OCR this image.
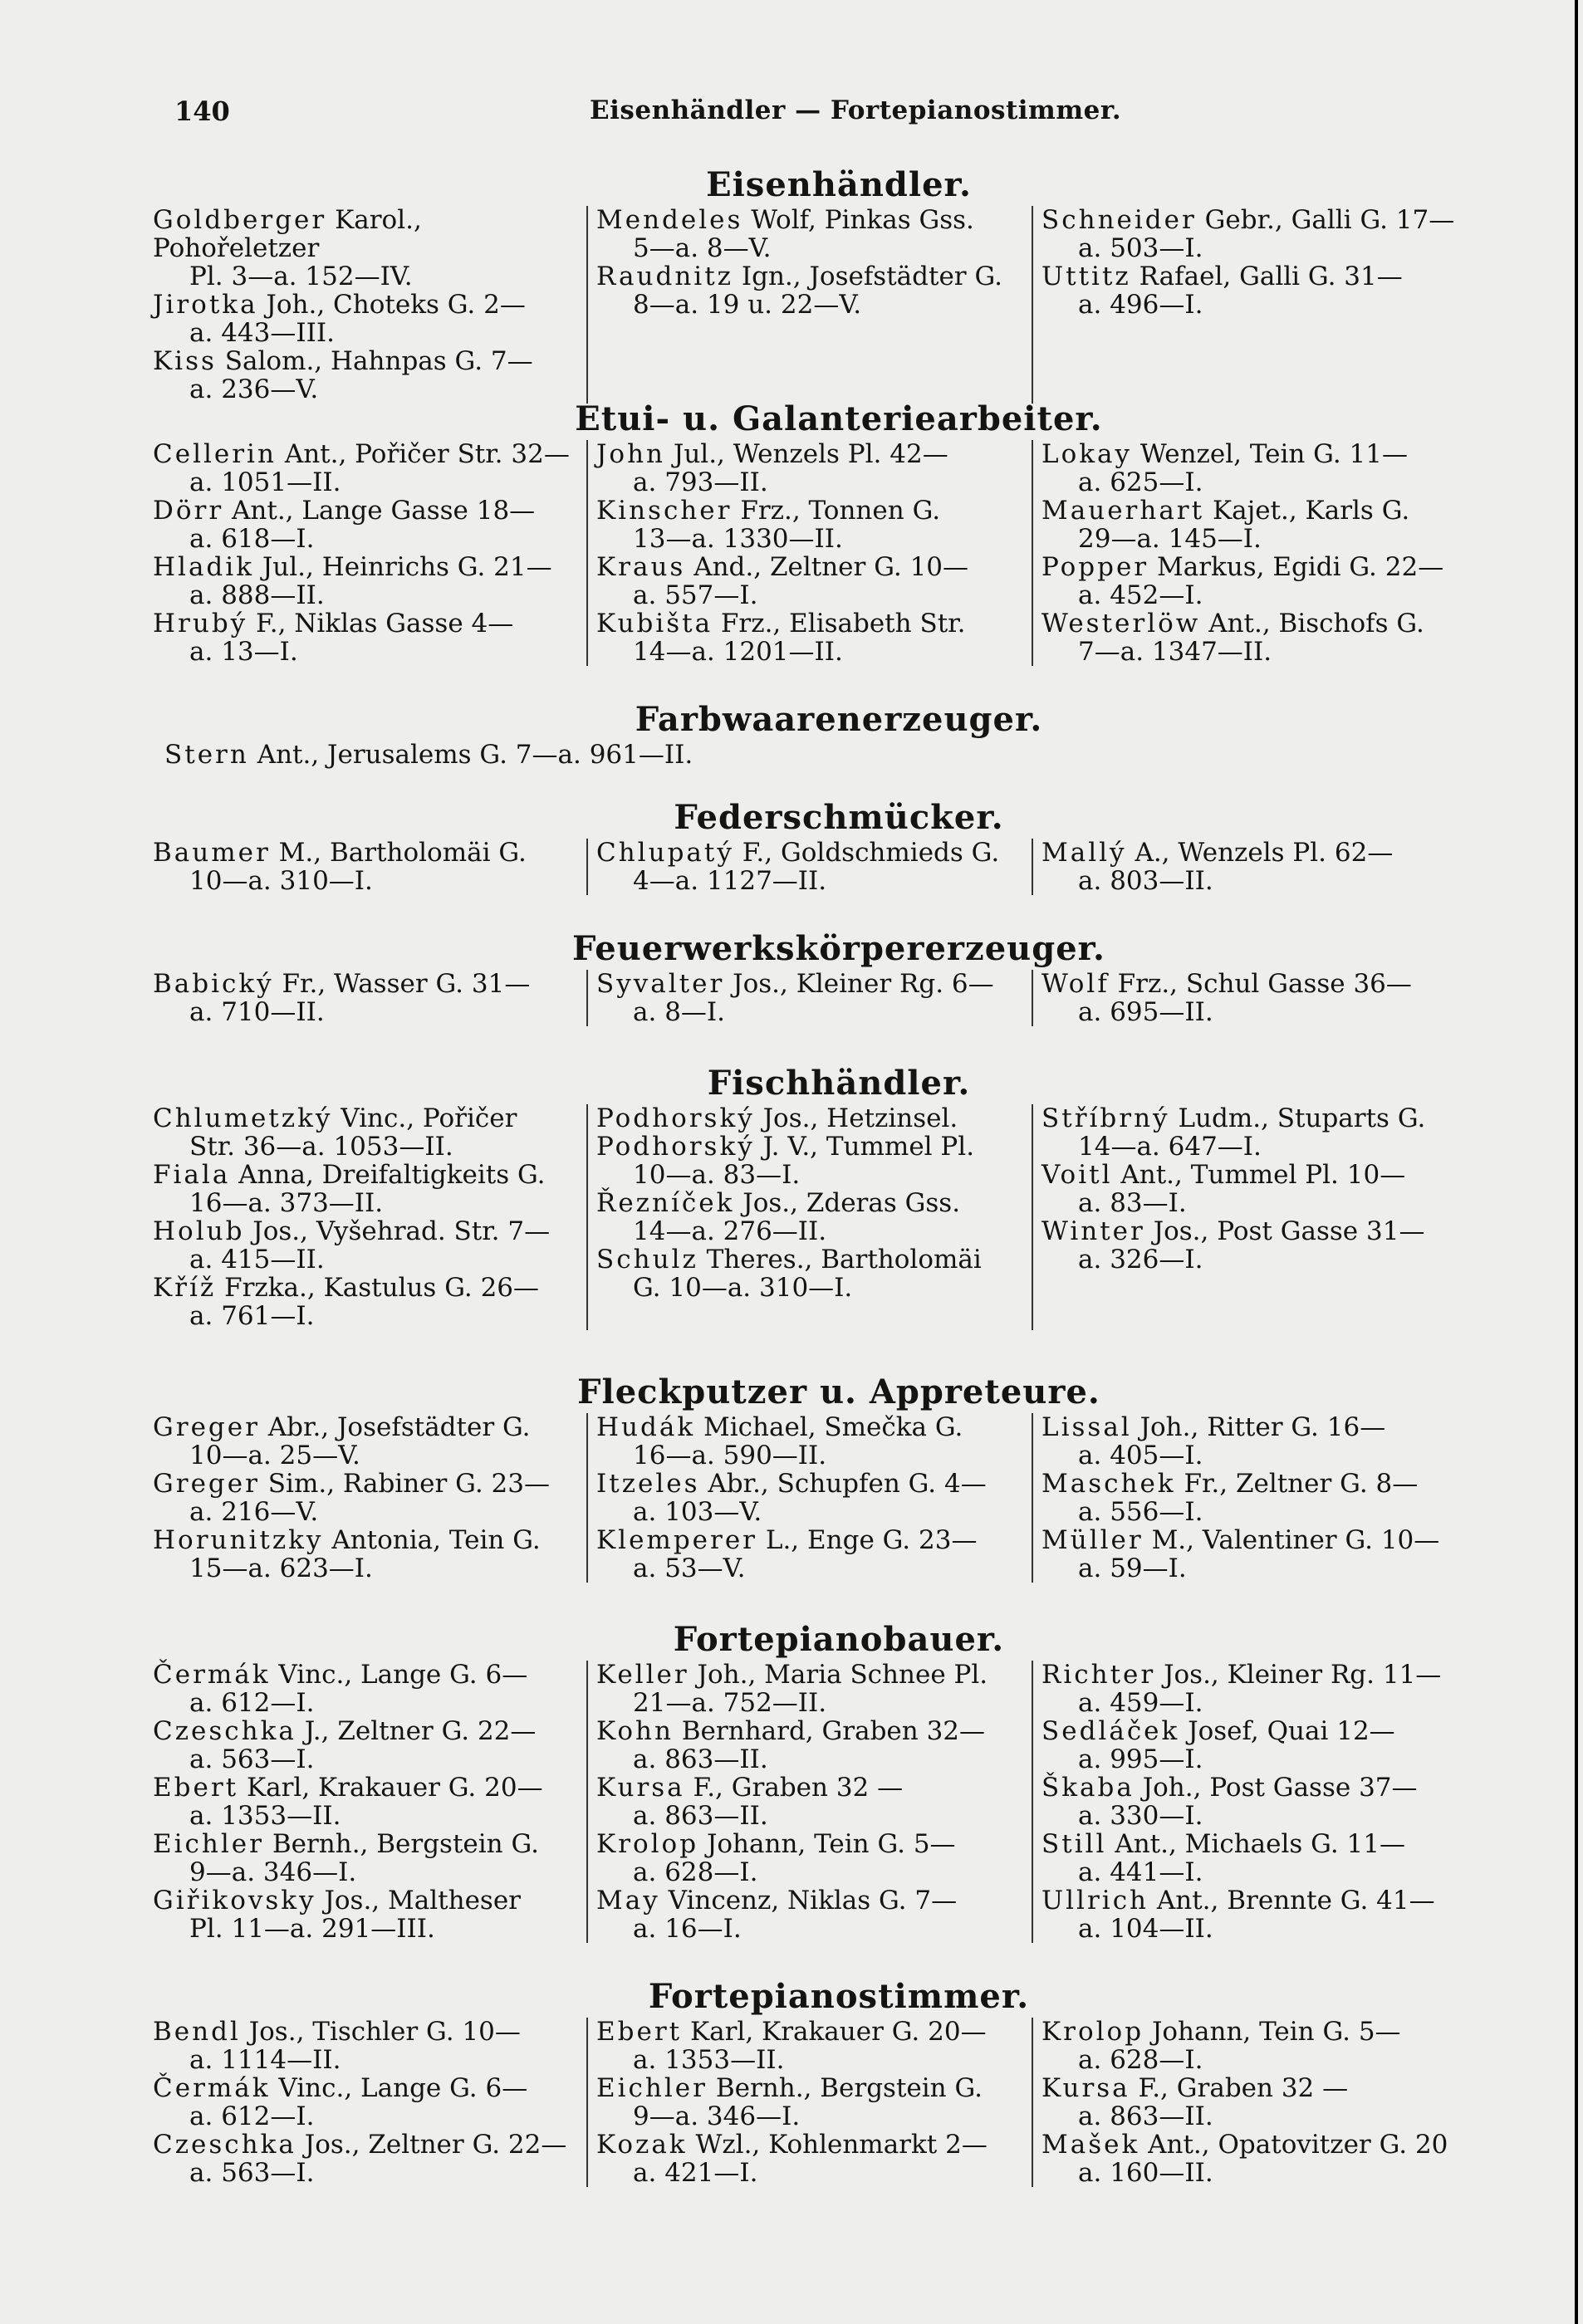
140	Eisenhändler — Fortepianostimmer.
Eisenhändler.
Goldberger Karol., Pohořeletzer
Pl. 3—a. 152—IV.
Jirotka Joh., Choteks G. 2—
a. 443—III.
Kiss Salom., Hahnpas G. 7—
a. 236—V.
Mendeles Wolf, Pinkas Gss.
5—a. 8—V.
Raudnitz Ign., Josefstädter G.
8—a. 19 u. 22—V.
Schneider Gebr., Galli G. 17—
a. 503—I.
Uttitz Rafael, Galli G. 31—
a. 496—I.
Etui- u. Galanteriearbeiter.
Cellerin Ant., Pořičer Str. 32—
a. 1051—II.
Dörr Ant., Lange Gasse 18—
a. 618—I.
Hladik Jul., Heinrichs G. 21—
a. 888—II.
Hrubý F., Niklas Gasse 4—
a. 13—I.
John Jul., Wenzels Pl. 42—
a. 793—II.
Kinscher Frz., Tonnen G.
13—a. 1330—II.
Kraus And., Zeltner G. 10—
a. 557—I.
Kubišta Frz., Elisabeth Str.
14—a. 1201—II.
Lokay Wenzel, Tein G. 11—
a. 625—I.
Mauerhart Kajet., Karls G.
29—a. 145—I.
Popper Markus, Egidi G. 22—
a. 452—I.
Westerlöw Ant., Bischofs G.
7—a. 1347—II.
Farbwaarenerzeuger.
Stern Ant., Jerusalems G. 7—a. 961—II.
Federschmücker.
Baumer M., Bartholomäi G.
10—a. 310—I.
Chlupatý F., Goldschmieds G.
4—a. 1127—II.
Mallý A., Wenzels Pl. 62—
a. 803—II.
Feuerwerkskörpererzeuger.
Babický Fr., Wasser G. 31—
a. 710—II.
Syvalter Jos., Kleiner Rg. 6—
a. 8—I.
Wolf Frz., Schul Gasse 36—
a. 695—II.
Fischhändler.
Chlumetzký Vinc., Pořičer
Str. 36—a. 1053—II.
Fiala Anna, Dreifaltigkeits G.
16—a. 373—II.
Holub Jos., Vyšehrad. Str. 7—
a. 415—II.
Kříž Frzka., Kastulus G. 26—
a. 761—I.
Podhorský Jos., Hetzinsel.
Podhorský J. V., Tummel Pl.
10—a. 83—I.
Řezníček Jos., Zderas Gss.
14—a. 276—II.
Schulz Theres., Bartholomäi
G. 10—a. 310—I.
Stříbrný Ludm., Stuparts G.
14—a. 647—I.
Voitl Ant., Tummel Pl. 10—
a. 83—I.
Winter Jos., Post Gasse 31—
a. 326—I.
Fleckputzer u. Appreteure.
Greger Abr., Josefstädter G.
10—a. 25—V.
Greger Sim., Rabiner G. 23—
a. 216—V.
Horunitzky Antonia, Tein G.
15—a. 623—I.
Hudák Michael, Smečka G.
16—a. 590—II.
Itzeles Abr., Schupfen G. 4—
a. 103—V.
Klemperer L., Enge G. 23—
a. 53—V.
Lissal Joh., Ritter G. 16—
a. 405—I.
Maschek Fr., Zeltner G. 8—
a. 556—I.
Müller M., Valentiner G. 10—
a. 59—I.
Fortepianobauer.
Čermák Vinc., Lange G. 6—
a. 612—I.
Czeschka J., Zeltner G. 22—
a. 563—I.
Ebert Karl, Krakauer G. 20—
a. 1353—II.
Eichler Bernh., Bergstein G.
9—a. 346—I.
Giřikovsky Jos., Maltheser
Pl. 11—a. 291—III.
Keller Joh., Maria Schnee Pl.
21—a. 752—II.
Kohn Bernhard, Graben 32—
a. 863—II.
Kursa F., Graben 32 —
a. 863—II.
Krolop Johann, Tein G. 5—
a. 628—I.
May Vincenz, Niklas G. 7—
a. 16—I.
Richter Jos., Kleiner Rg. 11—
a. 459—I.
Sedláček Josef, Quai 12—
a. 995—I.
Škaba Joh., Post Gasse 37—
a. 330—I.
Still Ant., Michaels G. 11—
a. 441—I.
Ullrich Ant., Brennte G. 41—
a. 104—II.
Fortepianostimmer.
Bendl Jos., Tischler G. 10—
a. 1114—II.
Čermák Vinc., Lange G. 6—
a. 612—I.
Czeschka Jos., Zeltner G. 22—
a. 563—I.
Ebert Karl, Krakauer G. 20—
a. 1353—II.
Eichler Bernh., Bergstein G.
9—a. 346—I.
Kozak Wzl., Kohlenmarkt 2—
a. 421—I.
Krolop Johann, Tein G. 5—
a. 628—I.
Kursa F., Graben 32 —
a. 863—II.
Mašek Ant., Opatovitzer G. 20
a. 160—II.
